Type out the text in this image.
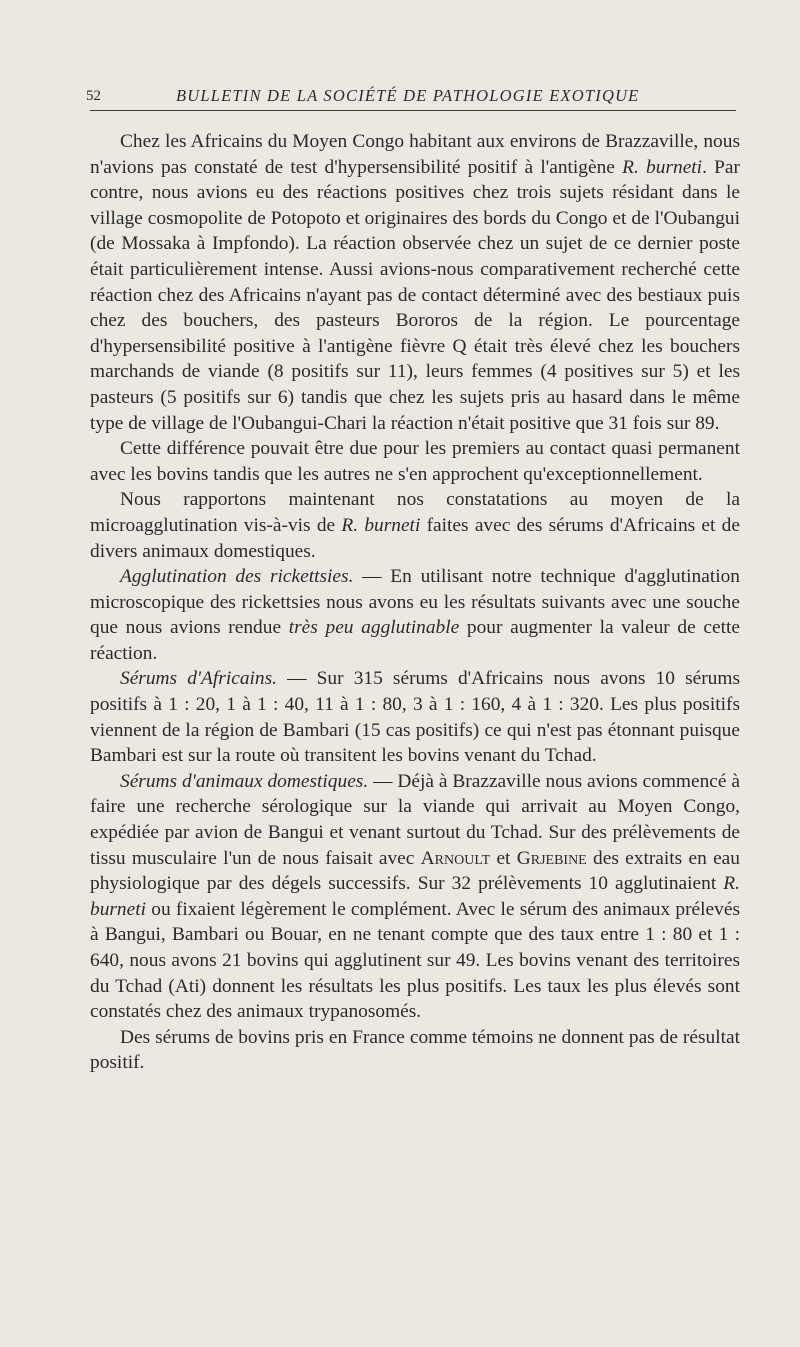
52	BULLETIN DE LA SOCIÉTÉ DE PATHOLOGIE EXOTIQUE

Chez les Africains du Moyen Congo habitant aux environs de Brazzaville, nous n'avions pas constaté de test d'hypersensibilité positif à l'antigène R. burneti. Par contre, nous avions eu des réactions positives chez trois sujets résidant dans le village cosmopolite de Potopoto et originaires des bords du Congo et de l'Oubangui (de Mossaka à Impfondo). La réaction observée chez un sujet de ce dernier poste était particulièrement intense. Aussi avions-nous comparativement recherché cette réaction chez des Africains n'ayant pas de contact déterminé avec des bestiaux puis chez des bouchers, des pasteurs Bororos de la région. Le pourcentage d'hypersensibilité positive à l'antigène fièvre Q était très élevé chez les bouchers marchands de viande (8 positifs sur 11), leurs femmes (4 positives sur 5) et les pasteurs (5 positifs sur 6) tandis que chez les sujets pris au hasard dans le même type de village de l'Oubangui-Chari la réaction n'était positive que 31 fois sur 89.

Cette différence pouvait être due pour les premiers au contact quasi permanent avec les bovins tandis que les autres ne s'en approchent qu'exceptionnellement.

Nous rapportons maintenant nos constatations au moyen de la microagglutination vis-à-vis de R. burneti faites avec des sérums d'Africains et de divers animaux domestiques.

Agglutination des rickettsies. — En utilisant notre technique d'agglutination microscopique des rickettsies nous avons eu les résultats suivants avec une souche que nous avions rendue très peu agglutinable pour augmenter la valeur de cette réaction.

Sérums d'Africains. — Sur 315 sérums d'Africains nous avons 10 sérums positifs à 1 : 20, 1 à 1 : 40, 11 à 1 : 80, 3 à 1 : 160, 4 à 1 : 320. Les plus positifs viennent de la région de Bambari (15 cas positifs) ce qui n'est pas étonnant puisque Bambari est sur la route où transitent les bovins venant du Tchad.

Sérums d'animaux domestiques. — Déjà à Brazzaville nous avions commencé à faire une recherche sérologique sur la viande qui arrivait au Moyen Congo, expédiée par avion de Bangui et venant surtout du Tchad. Sur des prélèvements de tissu musculaire l'un de nous faisait avec Arnoult et Grjebine des extraits en eau physiologique par des dégels successifs. Sur 32 prélèvements 10 agglutinaient R. burneti ou fixaient légèrement le complément. Avec le sérum des animaux prélevés à Bangui, Bambari ou Bouar, en ne tenant compte que des taux entre 1 : 80 et 1 : 640, nous avons 21 bovins qui agglutinent sur 49. Les bovins venant des territoires du Tchad (Ati) donnent les résultats les plus positifs. Les taux les plus élevés sont constatés chez des animaux trypanosomés.

Des sérums de bovins pris en France comme témoins ne donnent pas de résultat positif.
